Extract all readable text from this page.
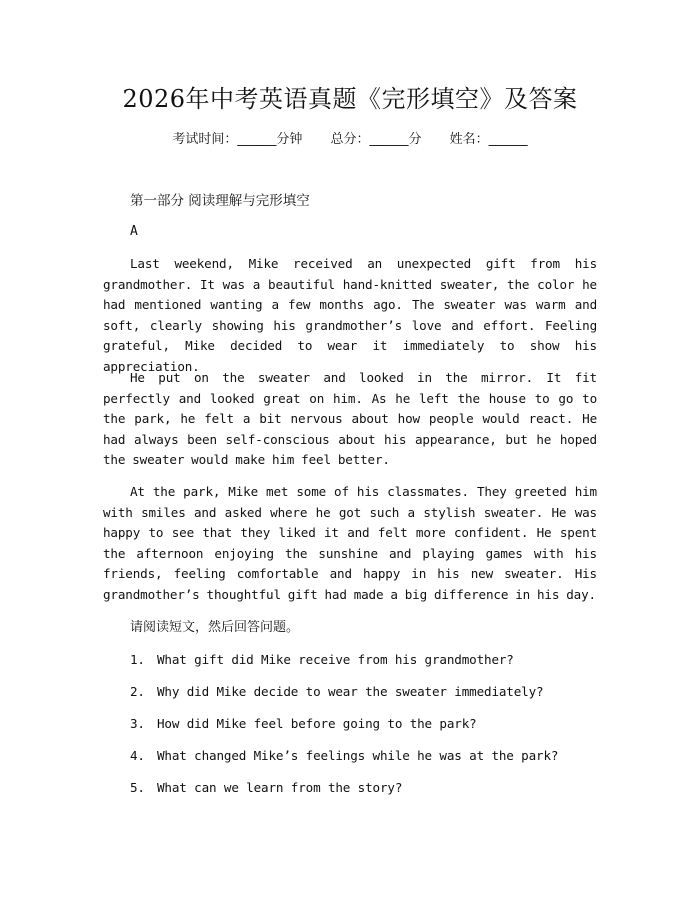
2026年中考英语真题《完形填空》及答案
考试时间：______分钟 总分：______分 姓名：______
第一部分 阅读理解与完形填空
A

Last weekend, Mike received an unexpected gift from his grandmother. It was a beautiful hand-knitted sweater, the color he had mentioned wanting a few months ago. The sweater was warm and soft, clearly showing his grandmother’s love and effort. Feeling grateful, Mike decided to wear it immediately to show his appreciation.

He put on the sweater and looked in the mirror. It fit perfectly and looked great on him. As he left the house to go to the park, he felt a bit nervous about how people would react. He had always been self-conscious about his appearance, but he hoped the sweater would make him feel better.

At the park, Mike met some of his classmates. They greeted him with smiles and asked where he got such a stylish sweater. He was happy to see that they liked it and felt more confident. He spent the afternoon enjoying the sunshine and playing games with his friends, feeling comfortable and happy in his new sweater. His grandmother’s thoughtful gift had made a big difference in his day.

请阅读短文，然后回答问题。
1. What gift did Mike receive from his grandmother?
2. Why did Mike decide to wear the sweater immediately?
3. How did Mike feel before going to the park?
4. What changed Mike’s feelings while he was at the park?
5. What can we learn from the story?
